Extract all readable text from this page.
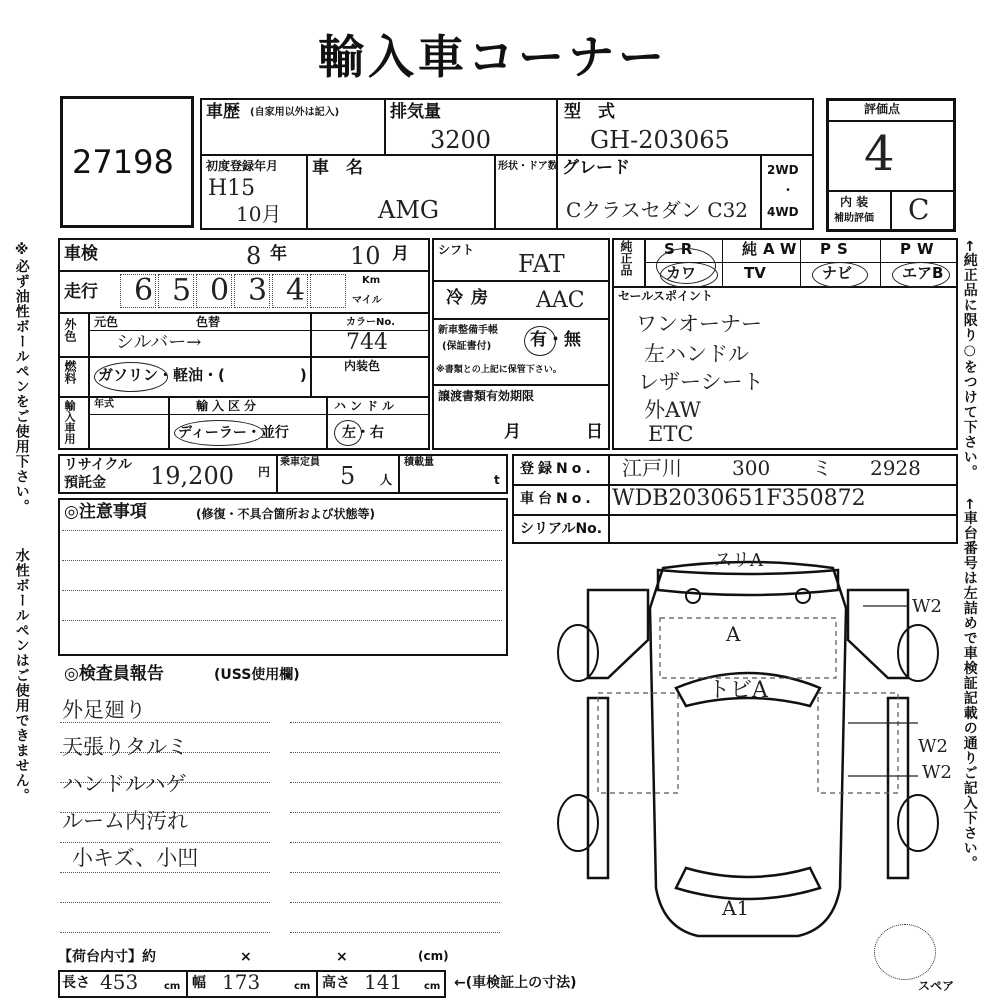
輸入車コーナー
27198
※必ず油性ボールペンをご使用下さい。
水性ボールペンはご使用できません。
←純正品に限り○をつけて下さい。
←車台番号は左詰めで車検証記載の通りご記入下さい。
車歴 (自家用以外は記入)	排気量
3200
型　式
GH-203065
初度登録年月
H15
10月
車　名
AMG
形状・ドア数 グレード
Cクラスセダン C32
2WD
・
4WD
評価点
4
内 装
補助評価 C
車検	8 年	10 月
走行 6 5 0 3 4	Km
マイル
外色 元色	色替	カラーNo.
シルバー→	744
燃料 ガソリン・軽油・(　　　　　)	内装色
輸入車用 年式	輸入区分	ハンドル
ディーラー・並行	左・右
シフト FAT
冷房 AAC
新車整備手帳
(保証書付) 有・無
※書類との上記に保管下さい。
譲渡書類有効期限
月	日
純正品 SR	純AW PS	PW
カワ	TV	ナビ	エアB
セールスポイント
ワンオーナー
左ハンドル
レザーシート
外AW
ETC
リサイクル
預託金 19,200 円
乗車定員 5 人
積載量
t
登録No. 江戸川	300 ミ 2928
車台No. WDB2030651F350872
シリアルNo.
◎注意事項	(修復・不具合箇所および状態等)
◎検査員報告	(USS使用欄)
外足廻り
天張りタルミ
ハンドルハゲ
ルーム内汚れ
小キズ、小凹
スリA
A
トビA
A1
W2
W2
W2
スペア
【荷台内寸】約	×	×	(cm)
長さ 453	cm 幅 173	cm 高さ 141 cm ←(車検証上の寸法)
